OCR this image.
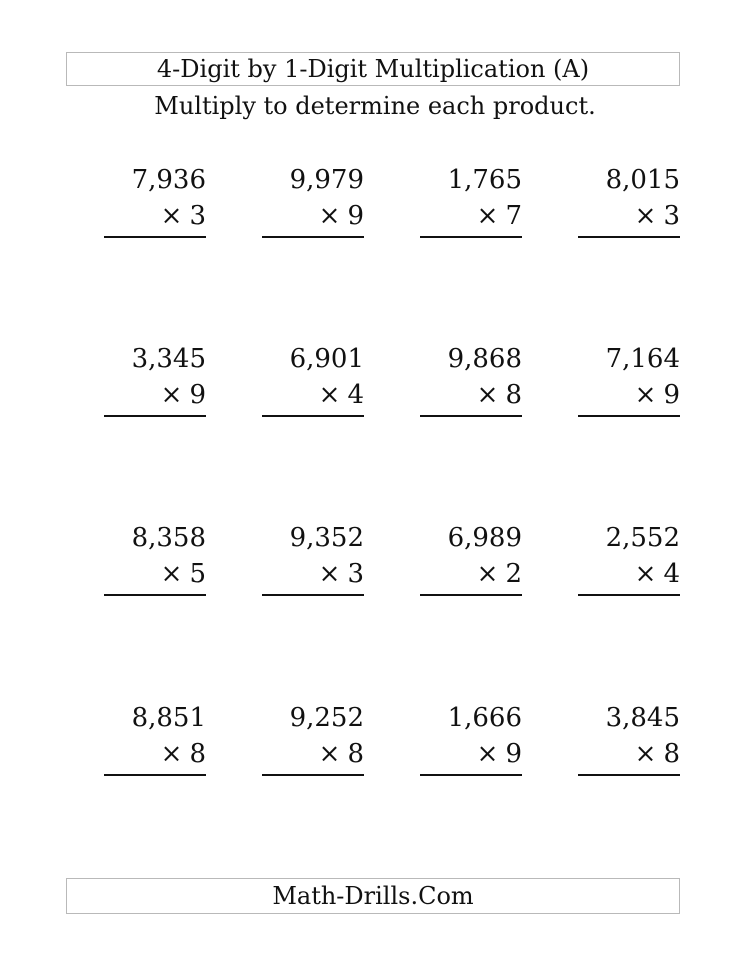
4-Digit by 1-Digit Multiplication (A)
Multiply to determine each product.
7,936
× 3
9,979
× 9
1,765
× 7
8,015
× 3
3,345
× 9
6,901
× 4
9,868
× 8
7,164
× 9
8,358
× 5
9,352
× 3
6,989
× 2
2,552
× 4
8,851
× 8
9,252
× 8
1,666
× 9
3,845
× 8
Math-Drills.Com
